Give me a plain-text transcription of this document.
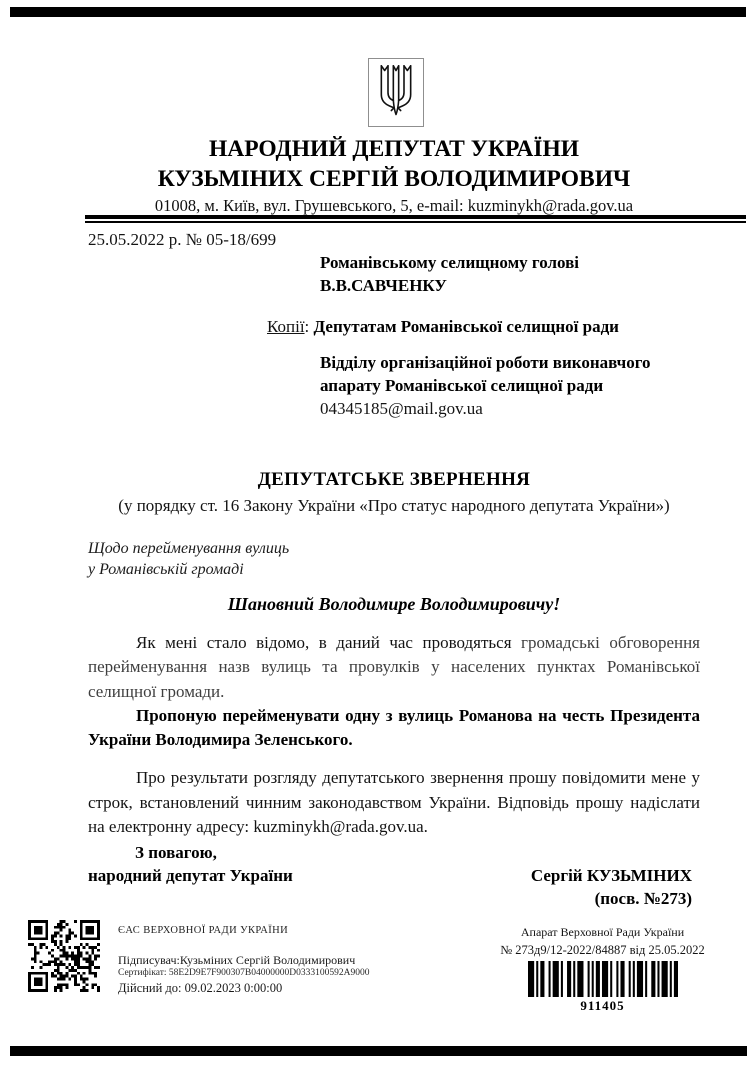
НАРОДНИЙ ДЕПУТАТ УКРАЇНИ
КУЗЬМІНИХ СЕРГІЙ ВОЛОДИМИРОВИЧ
01008, м. Київ, вул. Грушевського, 5, e-mail: kuzminykh@rada.gov.ua
25.05.2022 р. № 05-18/699
Романівському селищному голові
В.В.САВЧЕНКУ
Копії: Депутатам Романівської селищної ради
Відділу організаційної роботи виконавчого
апарату Романівської селищної ради
04345185@mail.gov.ua
ДЕПУТАТСЬКЕ ЗВЕРНЕННЯ
(у порядку ст. 16 Закону України «Про статус народного депутата України»)
Щодо перейменування вулиць
у Романівській громаді
Шановний Володимире Володимировичу!

Як мені стало відомо, в даний час проводяться громадські обговорення перейменування назв вулиць та провулків у населених пунктах Романівської селищної громади.

Пропоную перейменувати одну з вулиць Романова на честь Президента України Володимира Зеленського.

Про результати розгляду депутатського звернення прошу повідомити мене у строк, встановлений чинним законодавством України. Відповідь прошу надіслати на електронну адресу: kuzminykh@rada.gov.ua.

З повагою,
народний депутат України	Сергій КУЗЬМІНИХ
(посв. №273)
ЄАС ВЕРХОВНОЇ РАДИ УКРАЇНИ
Підписувач:Кузьміних Сергій Володимирович
Сертифікат: 58E2D9E7F900307B04000000D0333100592A9000
Дійсний до: 09.02.2023 0:00:00
Апарат Верховної Ради України
№ 273д9/12-2022/84887 від 25.05.2022
911405
